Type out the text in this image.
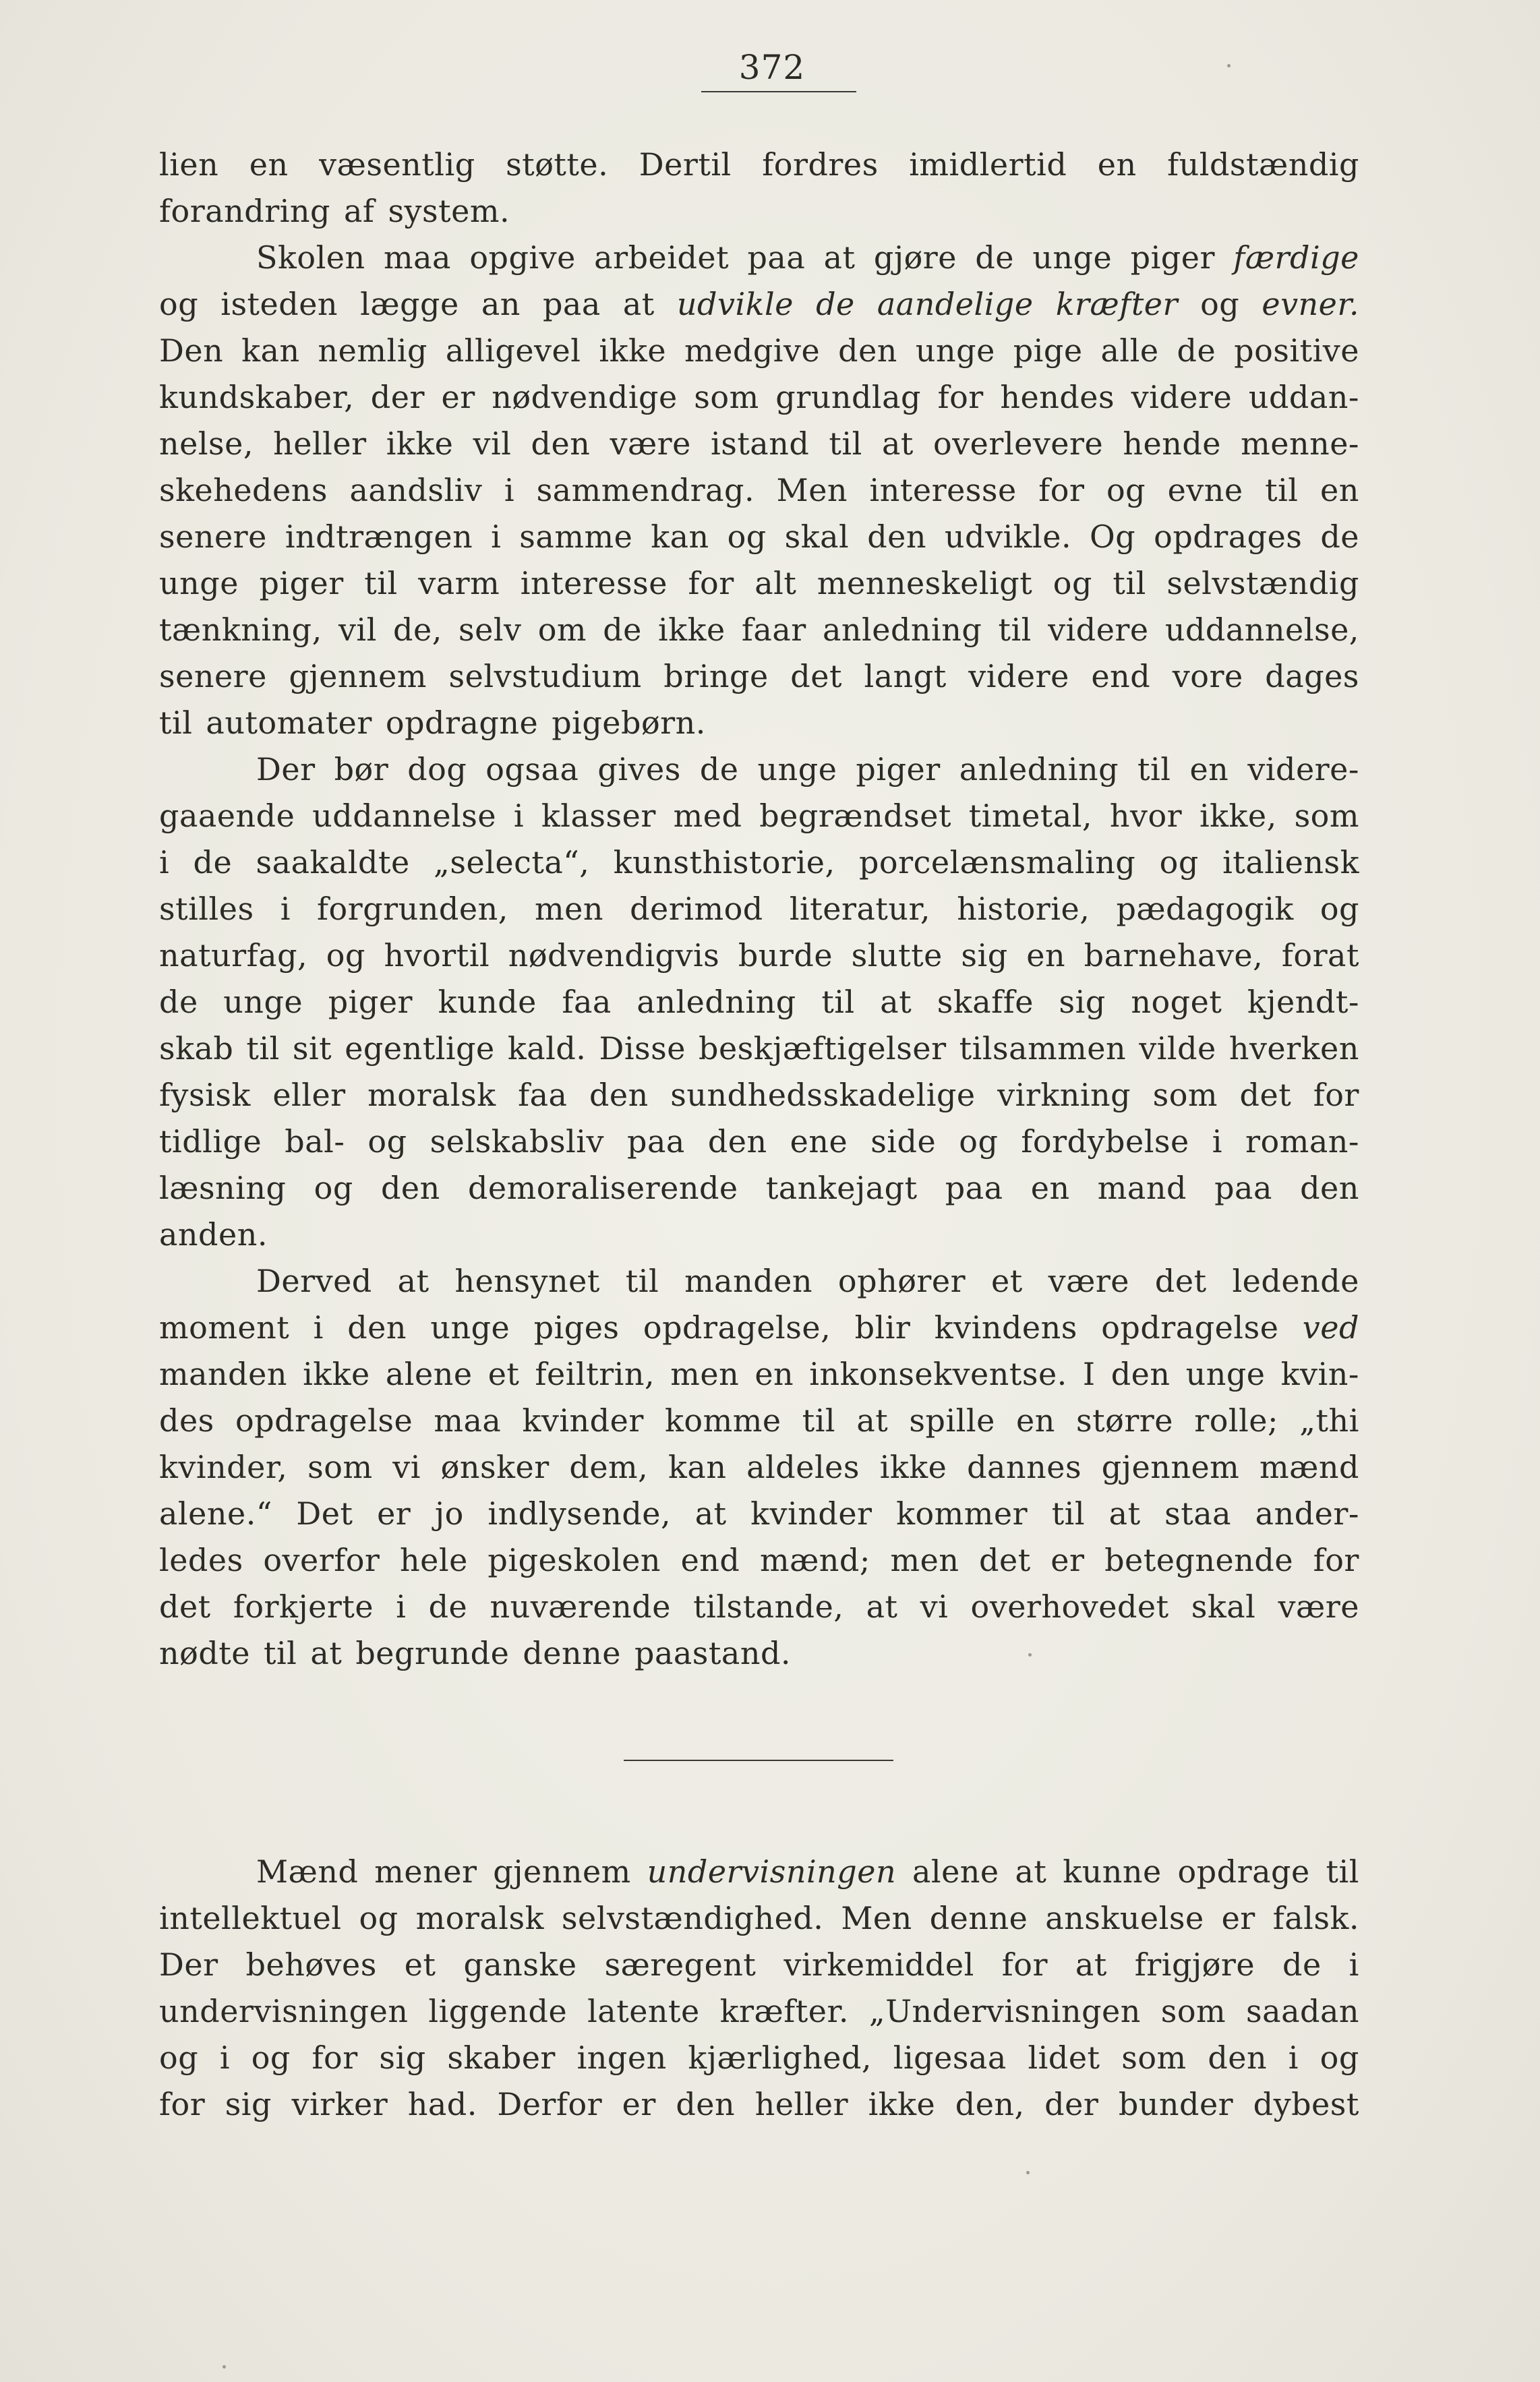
372
lien en væsentlig støtte. Dertil fordres imidlertid en fuldstændig
forandring af system.
Skolen maa opgive arbeidet paa at gjøre de unge piger færdige
og isteden lægge an paa at udvikle de aandelige kræfter og evner.
Den kan nemlig alligevel ikke medgive den unge pige alle de positive
kundskaber, der er nødvendige som grundlag for hendes videre uddan-
nelse, heller ikke vil den være istand til at overlevere hende menne-
skehedens aandsliv i sammendrag. Men interesse for og evne til en
senere indtrængen i samme kan og skal den udvikle. Og opdrages de
unge piger til varm interesse for alt menneskeligt og til selvstændig
tænkning, vil de, selv om de ikke faar anledning til videre uddannelse,
senere gjennem selvstudium bringe det langt videre end vore dages
til automater opdragne pigebørn.
Der bør dog ogsaa gives de unge piger anledning til en videre-
gaaende uddannelse i klasser med begrændset timetal, hvor ikke, som
i de saakaldte „selecta“, kunsthistorie, porcelænsmaling og italiensk
stilles i forgrunden, men derimod literatur, historie, pædagogik og
naturfag, og hvortil nødvendigvis burde slutte sig en barnehave, forat
de unge piger kunde faa anledning til at skaffe sig noget kjendt-
skab til sit egentlige kald. Disse beskjæftigelser tilsammen vilde hverken
fysisk eller moralsk faa den sundhedsskadelige virkning som det for
tidlige bal- og selskabsliv paa den ene side og fordybelse i roman-
læsning og den demoraliserende tankejagt paa en mand paa den
anden.
Derved at hensynet til manden ophører et være det ledende
moment i den unge piges opdragelse, blir kvindens opdragelse ved
manden ikke alene et feiltrin, men en inkonsekventse. I den unge kvin-
des opdragelse maa kvinder komme til at spille en større rolle; „thi
kvinder, som vi ønsker dem, kan aldeles ikke dannes gjennem mænd
alene.“ Det er jo indlysende, at kvinder kommer til at staa ander-
ledes overfor hele pigeskolen end mænd; men det er betegnende for
det forkjerte i de nuværende tilstande, at vi overhovedet skal være
nødte til at begrunde denne paastand.
Mænd mener gjennem undervisningen alene at kunne opdrage til
intellektuel og moralsk selvstændighed. Men denne anskuelse er falsk.
Der behøves et ganske særegent virkemiddel for at frigjøre de i
undervisningen liggende latente kræfter. „Undervisningen som saadan
og i og for sig skaber ingen kjærlighed, ligesaa lidet som den i og
for sig virker had. Derfor er den heller ikke den, der bunder dybest
